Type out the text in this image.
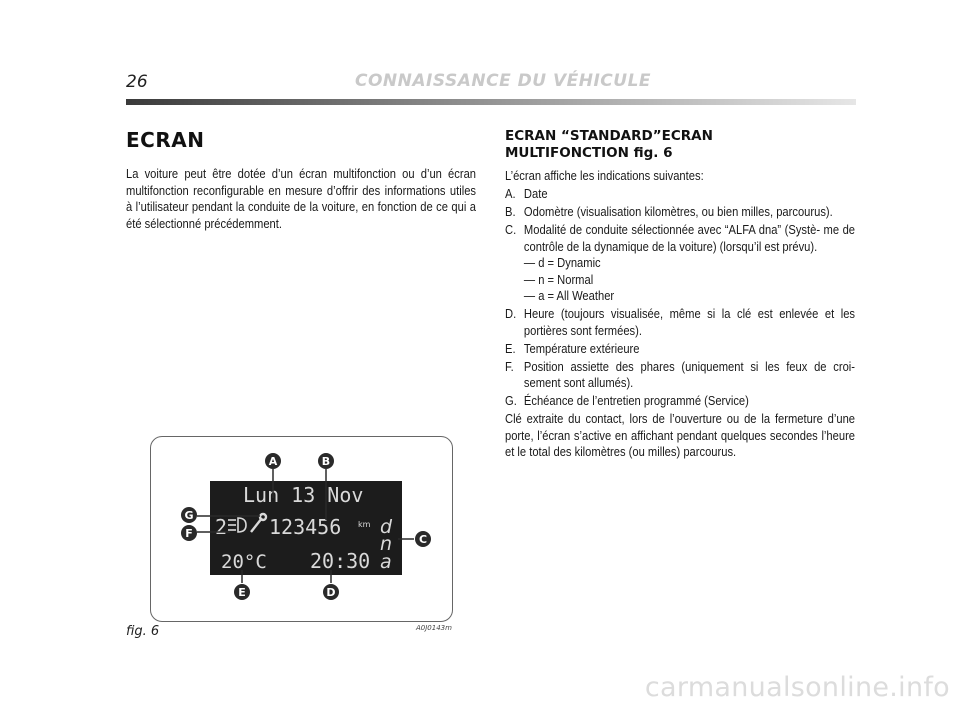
26	CONNAISSANCE DU VÉHICULE
ECRAN

La voiture peut être dotée d’un écran multifonction ou d’un écran multifonction reconfigurable en mesure d’offrir des informations utiles à l’utilisateur pendant la conduite de la voiture, en fonction de ce qui a été sélectionné précédemment.

ECRAN “STANDARD”ECRAN MULTIFONCTION fig. 6

L’écran affiche les indications suivantes:

A. Date
B. Odomètre (visualisation kilomètres, ou bien milles, parcourus).
C. Modalité de conduite sélectionnée avec “ALFA dna” (Systè- me de contrôle de la dynamique de la voiture) (lorsqu’il est prévu).
— d = Dynamic
— n = Normal
— a = All Weather
D. Heure (toujours visualisée, même si la clé est enlevée et les portières sont fermées).
E. Température extérieure
F. Position assiette des phares (uniquement si les feux de croi- sement sont allumés).
G. Échéance de l’entretien programmé (Service)

Clé extraite du contact, lors de l’ouverture ou de la fermeture d’une porte, l’écran s’active en affichant pendant quelques secondes l’heure et le total des kilomètres (ou milles) parcourus.

Lun 13 Nov
2 123456 km d
n
a
20°C 20:30
A	B
C
D
E
F
G
fig. 6	A0J0143m
carmanualsonline.info
